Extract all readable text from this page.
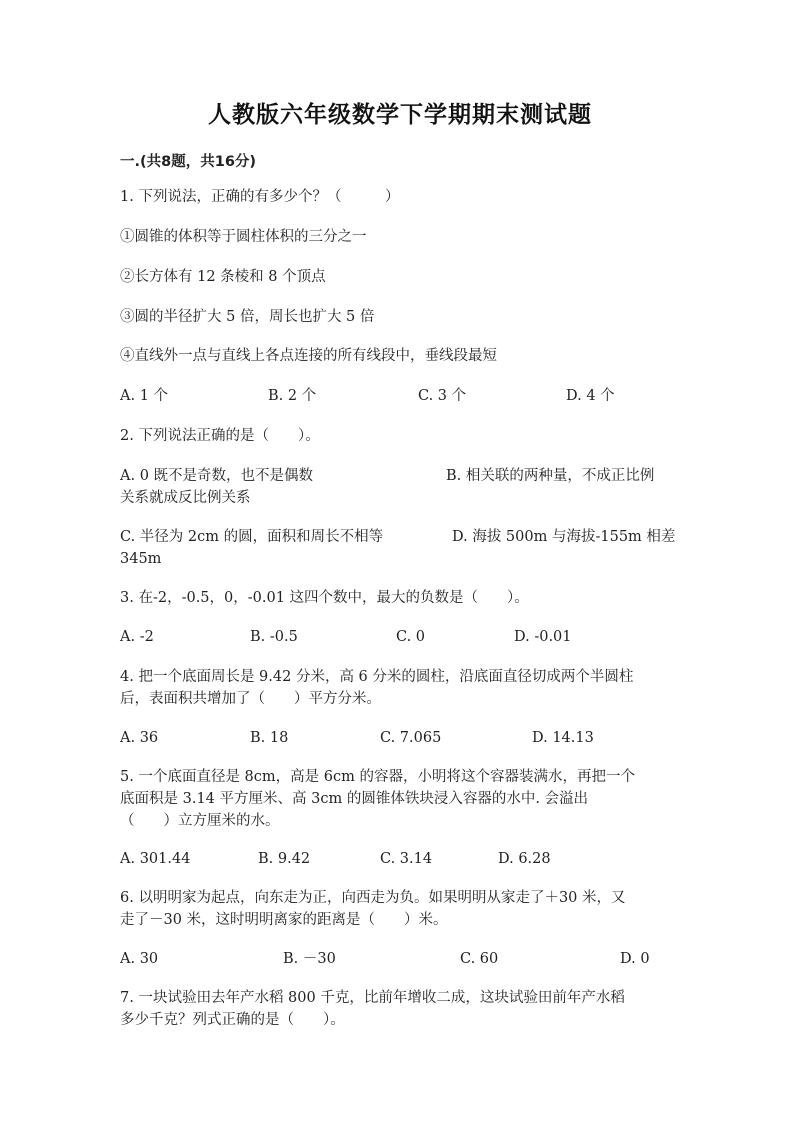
人教版六年级数学下学期期末测试题
一.(共8题，共16分)
1. 下列说法，正确的有多少个？（　　　）
①圆锥的体积等于圆柱体积的三分之一
②长方体有 12 条棱和 8 个顶点
③圆的半径扩大 5 倍，周长也扩大 5 倍
④直线外一点与直线上各点连接的所有线段中，垂线段最短
A. 1 个	B. 2 个	C. 3 个	D. 4 个
2. 下列说法正确的是（　　）。
A. 0 既不是奇数，也不是偶数	B. 相关联的两种量，不成正比例
关系就成反比例关系
C. 半径为 2cm 的圆，面积和周长不相等	D. 海拔 500m 与海拔-155m 相差
345m
3. 在-2，-0.5，0，-0.01 这四个数中，最大的负数是（　　）。
A. -2	B. -0.5	C. 0	D. -0.01
4. 把一个底面周长是 9.42 分米，高 6 分米的圆柱，沿底面直径切成两个半圆柱
后，表面积共增加了（　　）平方分米。
A. 36	B. 18	C. 7.065	D. 14.13
5. 一个底面直径是 8cm，高是 6cm 的容器，小明将这个容器装满水，再把一个
底面积是 3.14 平方厘米、高 3cm 的圆锥体铁块浸入容器的水中. 会溢出
（　　）立方厘米的水。
A. 301.44	B. 9.42	C. 3.14	D. 6.28
6. 以明明家为起点，向东走为正，向西走为负。如果明明从家走了＋30 米，又
走了－30 米，这时明明离家的距离是（　　）米。
A. 30	B. －30	C. 60	D. 0
7. 一块试验田去年产水稻 800 千克，比前年增收二成，这块试验田前年产水稻
多少千克？列式正确的是（　　）。
